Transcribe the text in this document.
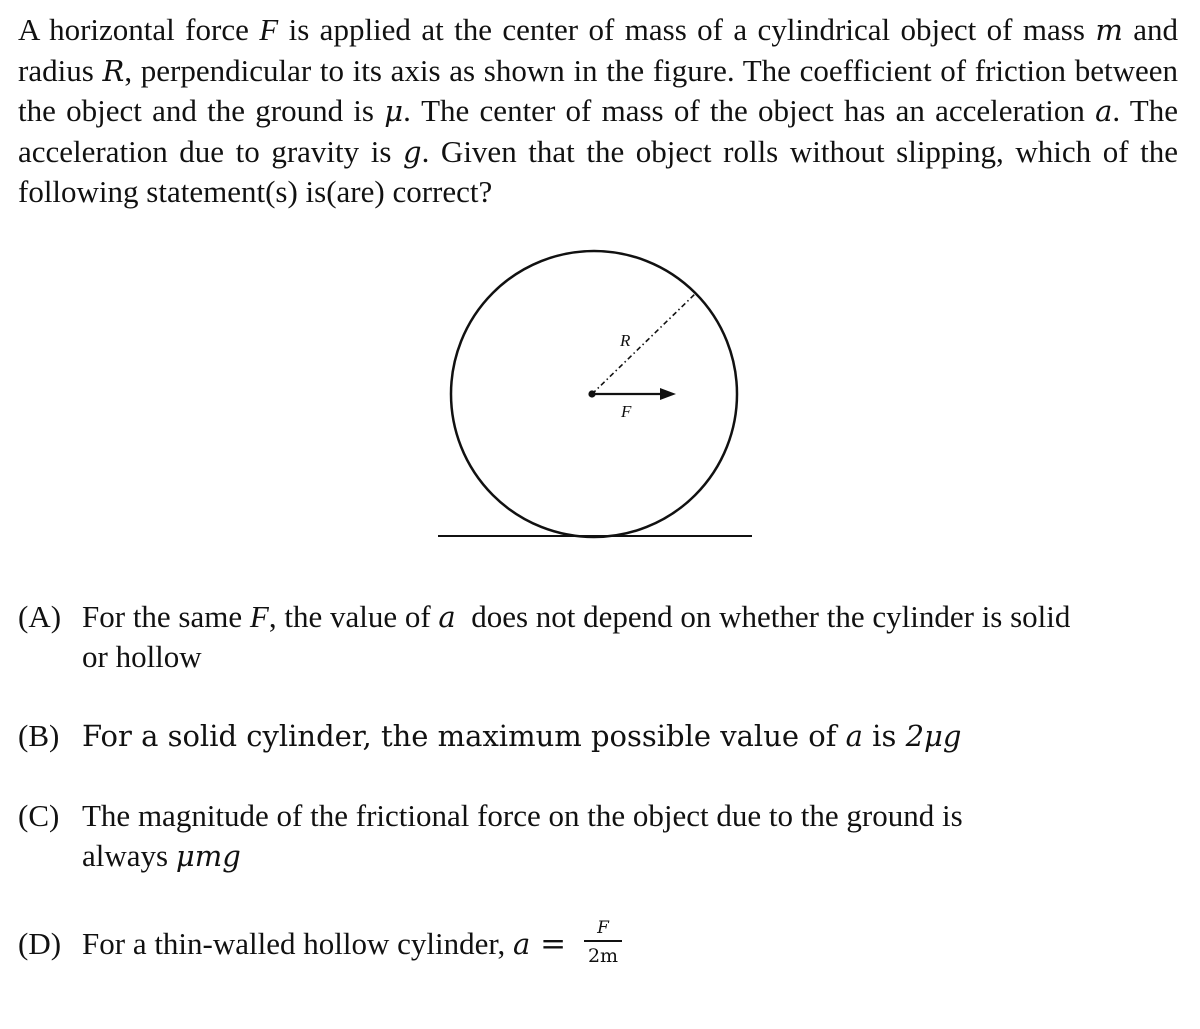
A horizontal force F is applied at the center of mass of a cylindrical object of mass m and radius R, perpendicular to its axis as shown in the figure. The coefficient of friction between the object and the ground is μ. The center of mass of the object has an acceleration a. The acceleration due to gravity is g. Given that the object rolls without slipping, which of the following statement(s) is(are) correct?

R
F

(A) For the same F, the value of a  does not depend on whether the cylinder is solid
or hollow

(B) For a solid cylinder, the maximum possible value of a is 2μg

(C) The magnitude of the frictional force on the object due to the ground is
always μmg

(D) For a thin-walled hollow cylinder, $a = \frac{F}{2m}$
